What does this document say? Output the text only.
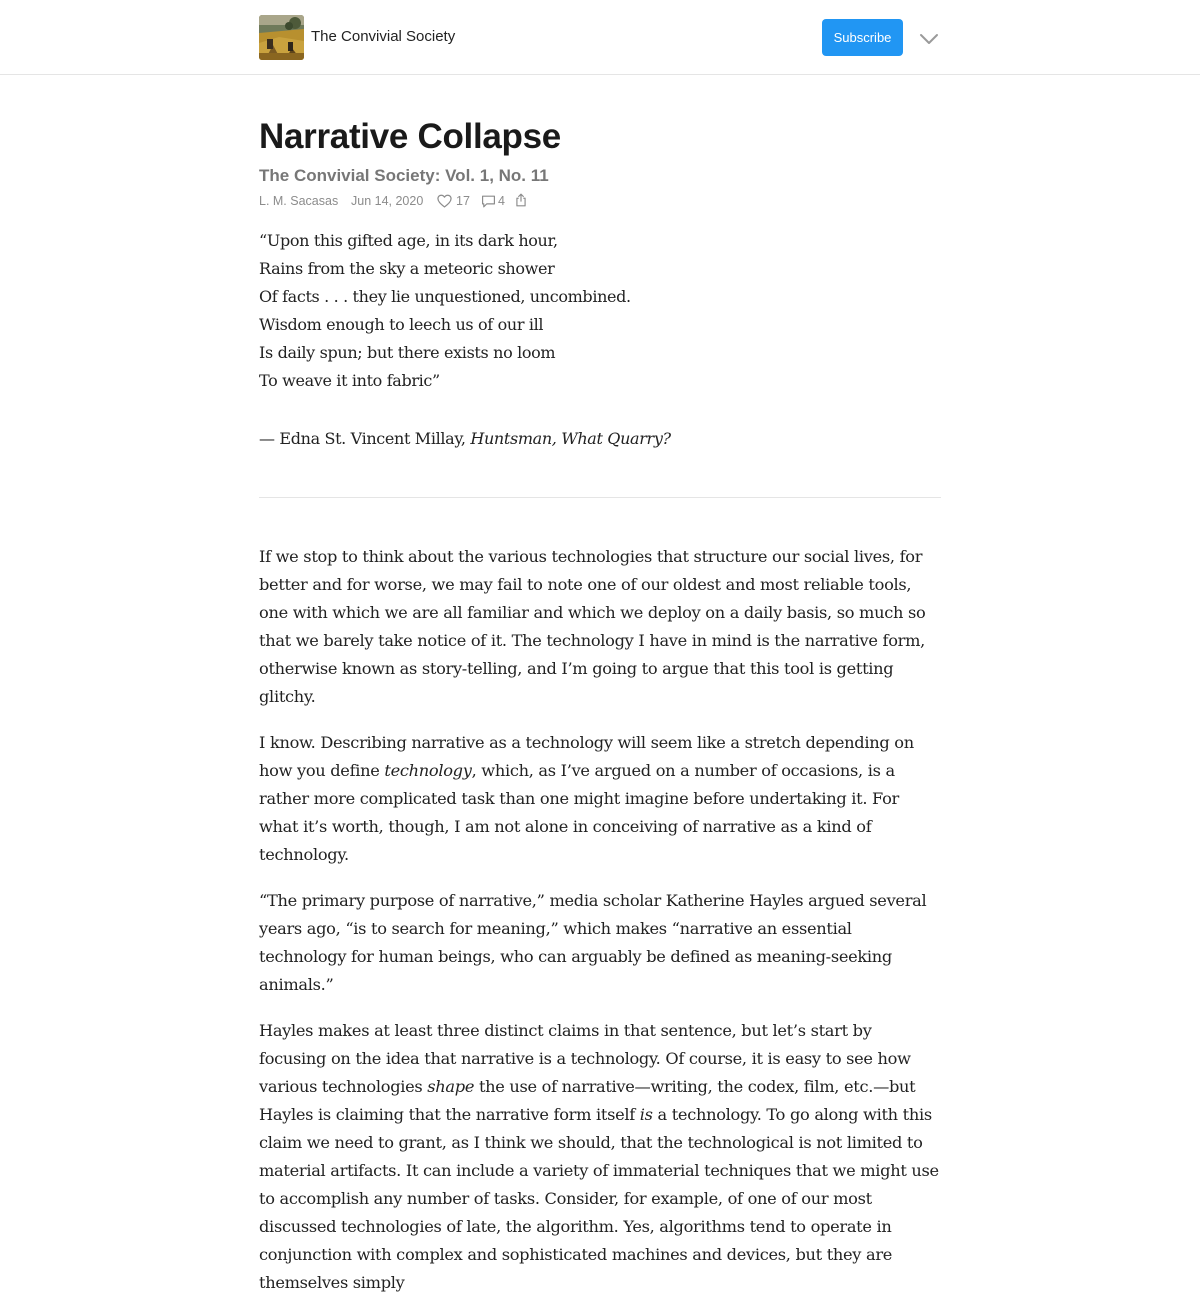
The Convivial Society	Subscribe
Narrative Collapse
The Convivial Society: Vol. 1, No. 11
L. M. Sacasas Jun 14, 2020	17 4
“Upon this gifted age, in its dark hour,
Rains from the sky a meteoric shower
Of facts . . . they lie unquestioned, uncombined.
Wisdom enough to leech us of our ill
Is daily spun; but there exists no loom
To weave it into fabric”

— Edna St. Vincent Millay, Huntsman, What Quarry?

If we stop to think about the various technologies that structure our social lives, for better and for worse, we may fail to note one of our oldest and most reliable tools, one with which we are all familiar and which we deploy on a daily basis, so much so that we barely take notice of it. The technology I have in mind is the narrative form, otherwise known as story-telling, and I’m going to argue that this tool is getting glitchy.

I know. Describing narrative as a technology will seem like a stretch depending on how you define technology, which, as I’ve argued on a number of occasions, is a rather more complicated task than one might imagine before undertaking it. For what it’s worth, though, I am not alone in conceiving of narrative as a kind of technology.

“The primary purpose of narrative,” media scholar Katherine Hayles argued several years ago, “is to search for meaning,” which makes “narrative an essential technology for human beings, who can arguably be defined as meaning-seeking animals.”

Hayles makes at least three distinct claims in that sentence, but let’s start by focusing on the idea that narrative is a technology. Of course, it is easy to see how various technologies shape the use of narrative—writing, the codex, film, etc.—but Hayles is claiming that the narrative form itself is a technology. To go along with this claim we need to grant, as I think we should, that the technological is not limited to material artifacts. It can include a variety of immaterial techniques that we might use to accomplish any number of tasks. Consider, for example, of one of our most discussed technologies of late, the algorithm. Yes, algorithms tend to operate in conjunction with complex and sophisticated machines and devices, but they are themselves simply
